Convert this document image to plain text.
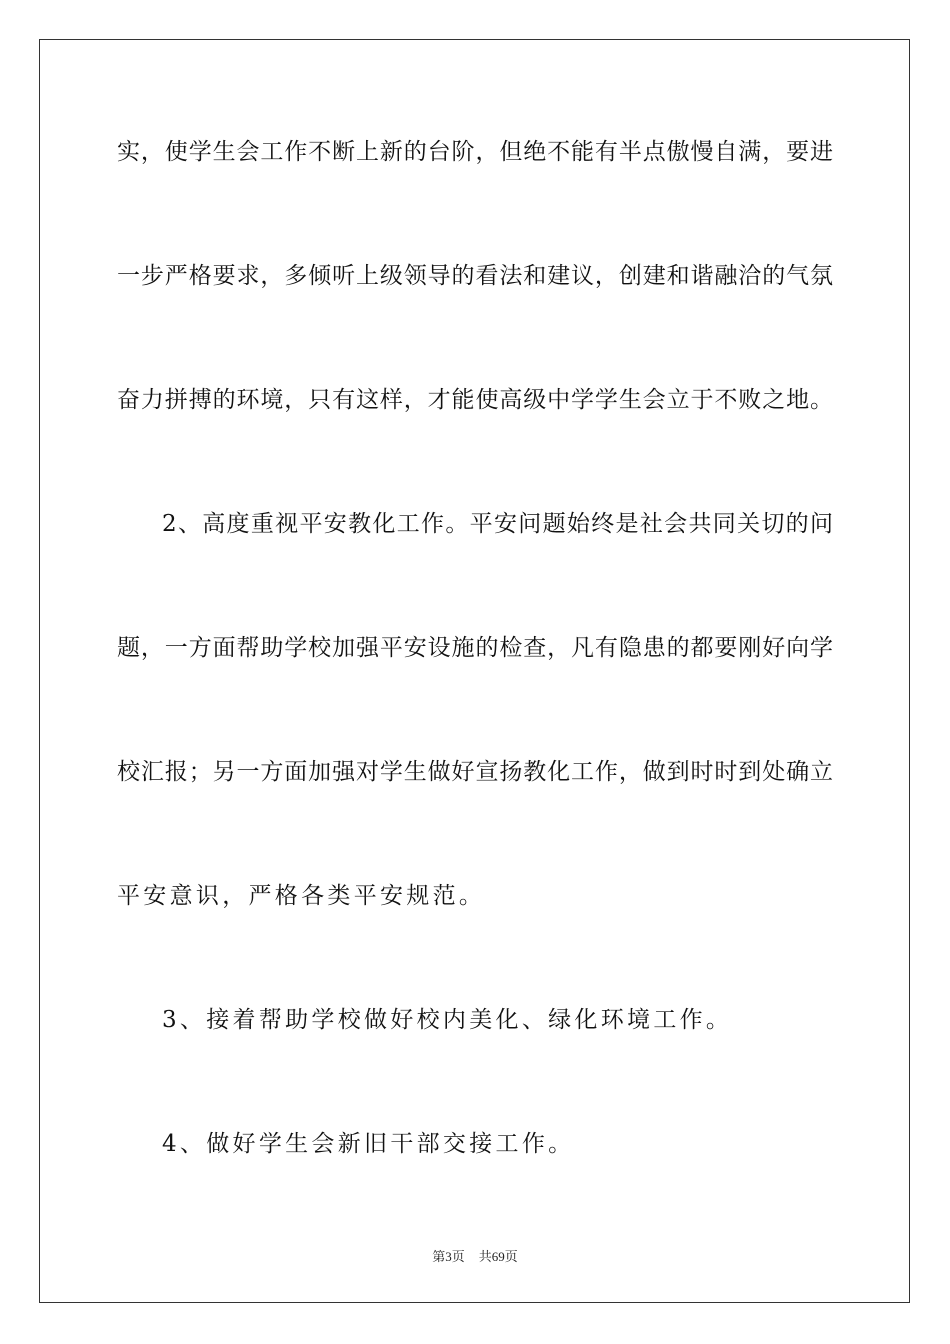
实，使学生会工作不断上新的台阶，但绝不能有半点傲慢自满，要进
一步严格要求，多倾听上级领导的看法和建议，创建和谐融洽的气氛
奋力拼搏的环境，只有这样，才能使高级中学学生会立于不败之地。
2、高度重视平安教化工作。平安问题始终是社会共同关切的问
题，一方面帮助学校加强平安设施的检查，凡有隐患的都要刚好向学
校汇报；另一方面加强对学生做好宣扬教化工作，做到时时到处确立
平安意识，严格各类平安规范。
3、接着帮助学校做好校内美化、绿化环境工作。
4、做好学生会新旧干部交接工作。
第3页 共69页
